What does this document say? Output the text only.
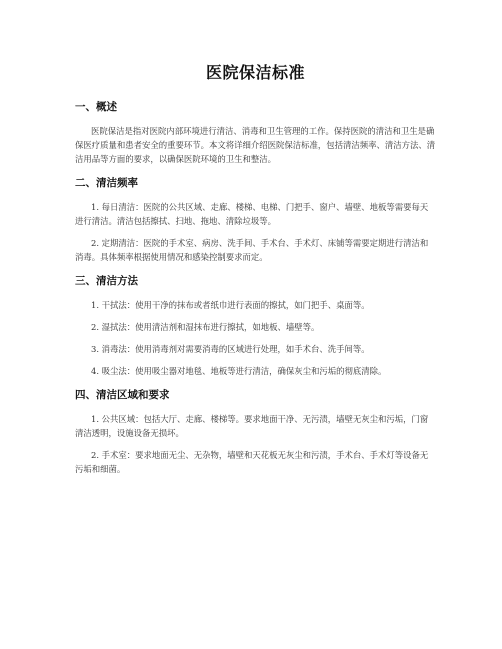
医院保洁标准
一、概述

医院保洁是指对医院内部环境进行清洁、消毒和卫生管理的工作。保持医院的清洁和卫生是确保医疗质量和患者安全的重要环节。本文将详细介绍医院保洁标准，包括清洁频率、清洁方法、清洁用品等方面的要求，以确保医院环境的卫生和整洁。

二、清洁频率

1. 每日清洁：医院的公共区域、走廊、楼梯、电梯、门把手、窗户、墙壁、地板等需要每天进行清洁。清洁包括擦拭、扫地、拖地、清除垃圾等。

2. 定期清洁：医院的手术室、病房、洗手间、手术台、手术灯、床铺等需要定期进行清洁和消毒。具体频率根据使用情况和感染控制要求而定。

三、清洁方法

1. 干拭法：使用干净的抹布或者纸巾进行表面的擦拭，如门把手、桌面等。

2. 湿拭法：使用清洁剂和湿抹布进行擦拭，如地板、墙壁等。

3. 消毒法：使用消毒剂对需要消毒的区域进行处理，如手术台、洗手间等。

4. 吸尘法：使用吸尘器对地毯、地板等进行清洁，确保灰尘和污垢的彻底清除。

四、清洁区域和要求

1. 公共区域：包括大厅、走廊、楼梯等。要求地面干净、无污渍，墙壁无灰尘和污垢，门窗清洁透明，设施设备无损坏。

2. 手术室：要求地面无尘、无杂物，墙壁和天花板无灰尘和污渍，手术台、手术灯等设备无污垢和细菌。
